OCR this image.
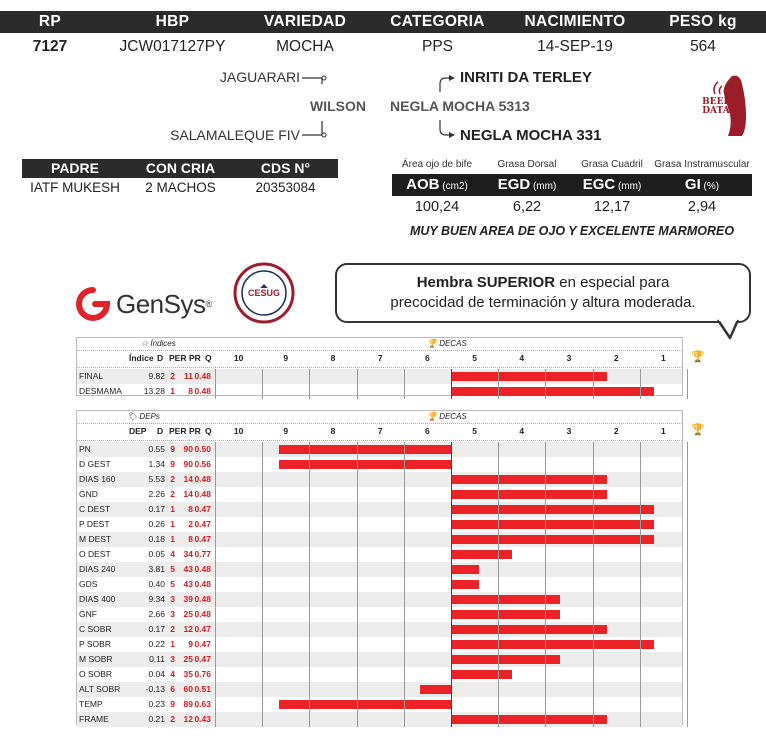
RP	HBP	VARIEDAD	CATEGORIA	NACIMIENTO	PESO kg
7127	JCW017127PY	MOCHA	PPS	14-SEP-19	564
JAGUARARI
WILSON
SALAMALEQUE FIV
INRITI DA TERLEY
NEGLA MOCHA 5313
NEGLA MOCHA 331
BEEF
DATA
PADRE	CON CRIA	CDS N°
IATF MUKESH	2 MACHOS	20353084
Área ojo de bife	Grasa Dorsal	Grasa Cuadril	Grasa Instramuscular
AOB (cm2)	EGD (mm)	EGC (mm)	GI (%)
100,24	6,22	12,17	2,94
MUY BUEN AREA DE OJO Y EXCELENTE MARMOREO
Hembra SUPERIOR en especial para
precocidad de terminación y altura moderada.
GenSys ®
CESUG
☆ Índices	🏆 DECAS
Índice D PER PR Q	10	9	8	7	6	5	4	3	2	1	🏆
FINAL	9.82 2	11 0.48
DESMAMA	13.28 1	8 0.48
🏷 DEPs	🏆 DECAS
DEP D PER PR Q	10	9	8	7	6	5	4	3	2	1	🏆
PN	0.55 9	90 0.50
D GEST	1.34 9	90 0.56
DIAS 160	5.53 2	14 0.48
GND	2.26 2	14 0.48
C DEST	0.17 1	8 0.47
P DEST	0.26 1	2 0.47
M DEST	0.18 1	8 0.47
O DEST	0.05 4	34 0.77
DIAS 240	3.81 5	43 0.48
GDS	0.40 5	43 0.48
DIAS 400	9.34 3	39 0.48
GNF	2.66 3	25 0.48
C SOBR	0.17 2	12 0.47
P SOBR	0.22 1	9 0.47
M SOBR	0.11 3	25 0.47
O SOBR	0.04 4	35 0.76
ALT SOBR	-0.13 6	60 0.51
TEMP	0.23 9	89 0.63
FRAME	0.21 2	12 0.43
